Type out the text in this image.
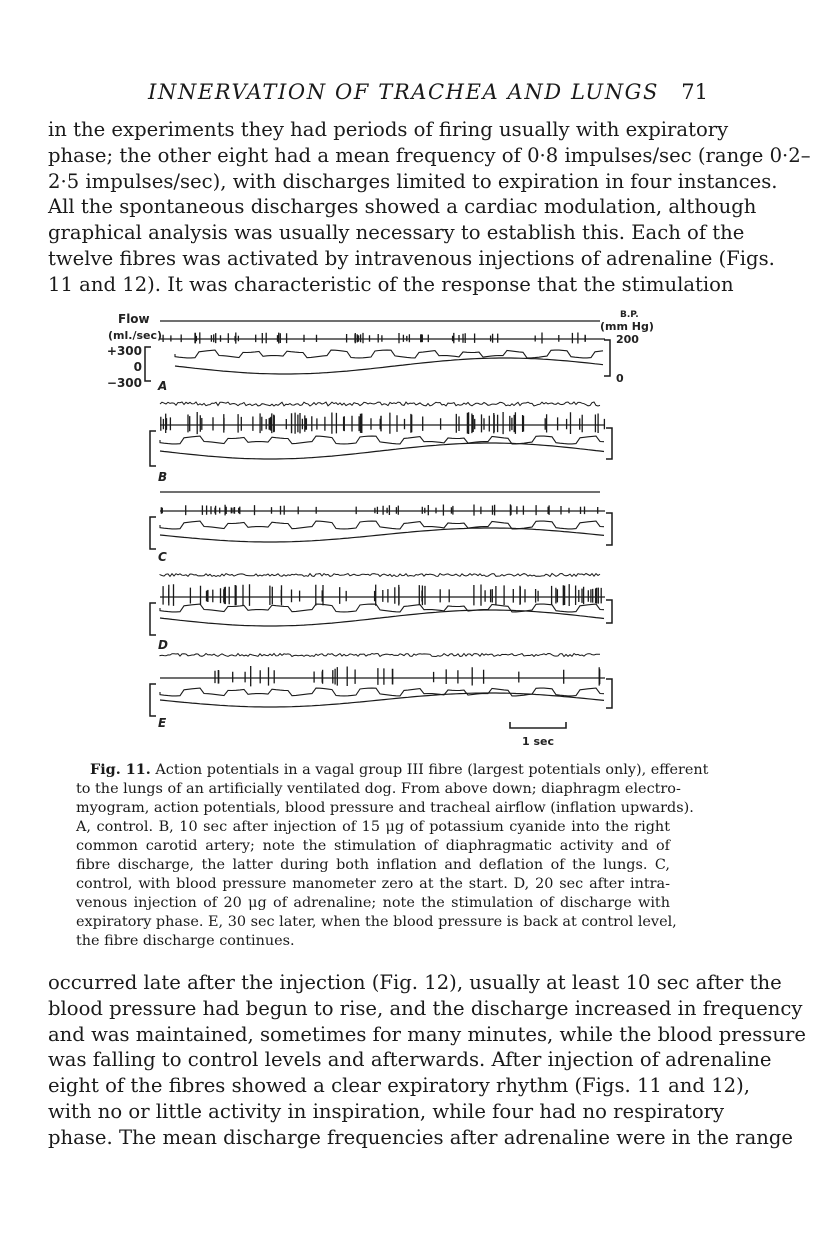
INNERVATION OF TRACHEA AND LUNGS 71

in the experiments they had periods of firing usually with expiratory
phase; the other eight had a mean frequency of 0·8 impulses/sec (range 0·2–
2·5 impulses/sec), with discharges limited to expiration in four instances.
All the spontaneous discharges showed a cardiac modulation, although
graphical analysis was usually necessary to establish this. Each of the
twelve fibres was activated by intravenous injections of adrenaline (Figs.
11 and 12). It was characteristic of the response that the stimulation

Flow
(ml./sec)
+300
0
−300
B.P.
(mm Hg)
200
0
A
B
C
D
E
1 sec
Fig. 11. Action potentials in a vagal group III fibre (largest potentials only), efferent
to the lungs of an artificially ventilated dog. From above down; diaphragm electro-
myogram, action potentials, blood pressure and tracheal airflow (inflation upwards).
A, control. B, 10 sec after injection of 15 μg of potassium cyanide into the right
common carotid artery; note the stimulation of diaphragmatic activity and of
fibre discharge, the latter during both inflation and deflation of the lungs. C,
control, with blood pressure manometer zero at the start. D, 20 sec after intra-
venous injection of 20 μg of adrenaline; note the stimulation of discharge with
expiratory phase. E, 30 sec later, when the blood pressure is back at control level,
the fibre discharge continues.

occurred late after the injection (Fig. 12), usually at least 10 sec after the
blood pressure had begun to rise, and the discharge increased in frequency
and was maintained, sometimes for many minutes, while the blood pressure
was falling to control levels and afterwards. After injection of adrenaline
eight of the fibres showed a clear expiratory rhythm (Figs. 11 and 12),
with no or little activity in inspiration, while four had no respiratory
phase. The mean discharge frequencies after adrenaline were in the range
